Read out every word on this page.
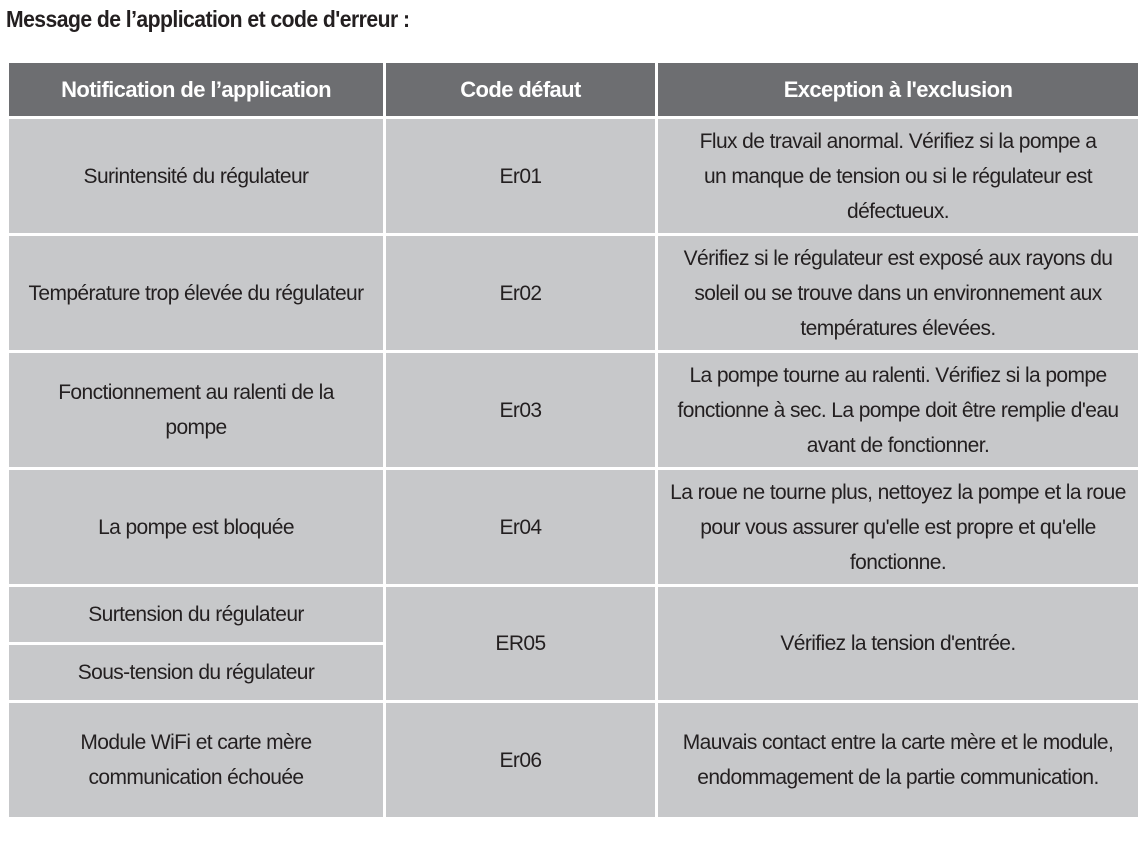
Message de l’application et code d'erreur :
Notification de l’application	Code défaut	Exception à l'exclusion
Surintensité du régulateur	Er01	Flux de travail anormal. Vérifiez si la pompe a un manque de tension ou si le régulateur est défectueux.
Température trop élevée du régulateur	Er02	Vérifiez si le régulateur est exposé aux rayons du soleil ou se trouve dans un environnement aux températures élevées.
Fonctionnement au ralenti de la pompe	Er03	La pompe tourne au ralenti. Vérifiez si la pompe fonctionne à sec. La pompe doit être remplie d'eau avant de fonctionner.
La pompe est bloquée	Er04	La roue ne tourne plus, nettoyez la pompe et la roue pour vous assurer qu'elle est propre et qu'elle fonctionne.
Surtension du régulateur	ER05	Vérifiez la tension d'entrée.
Sous-tension du régulateur		
Module WiFi et carte mère communication échouée	Er06	Mauvais contact entre la carte mère et le module, endommagement de la partie communication.
